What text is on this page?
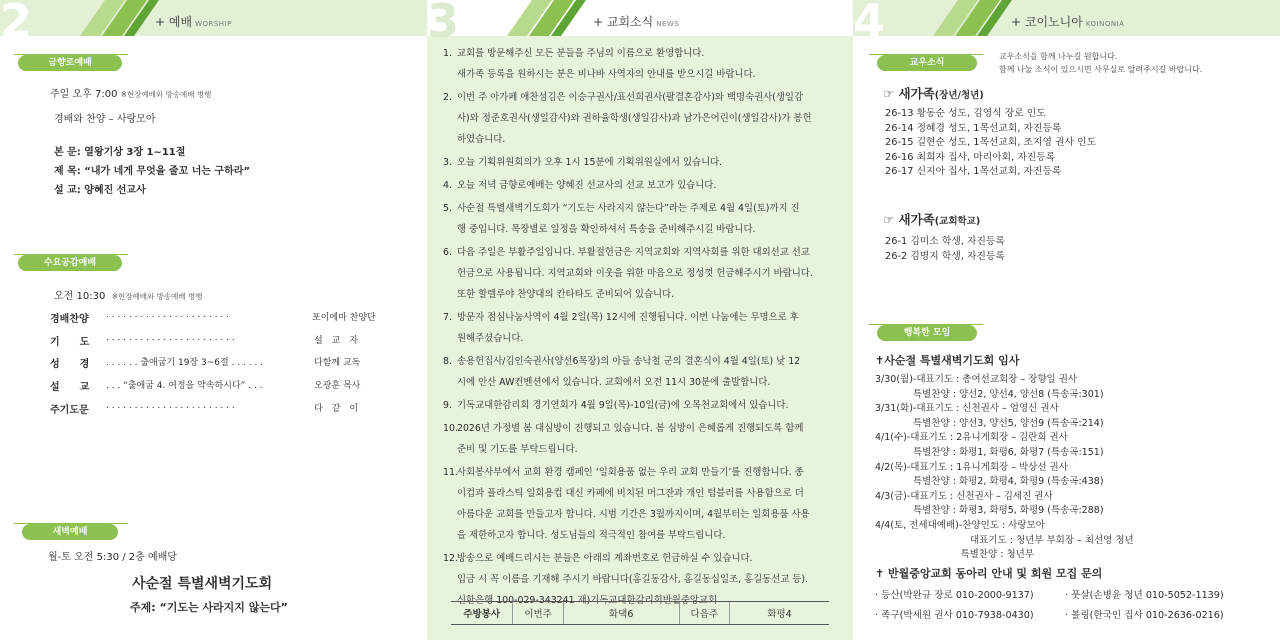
2	+ 예배 WORSHIP
금향로예배
주일 오후 7:00 ※현장예배와 방송예배 병행
경배와 찬양 – 사랑모아
본 문: 열왕기상 3장 1~11절
제 목: “내가 네게 무엇을 줄꼬 너는 구하라”
설 교: 양혜진 선교사
수요공감예배
오전 10:30 ※현장예배와 방송예배 병행
경배찬양 . . . . . . . . . . . . . . . . . . . . . .	포이에마 찬양단
기　　도 . . . . . . . . . . . . . . . . . . . . . . .	설　교　자
성　　경 . . . . . . 출애굽기 19장 3~6절 . . . . . .	다함께 교독
설　　교 . . . “출애굽 4. 여정을 약속하시다” . . .	오광훈 목사
주기도문 . . . . . . . . . . . . . . . . . . . . . . .	다　같　이
새벽예배
월-토 오전 5:30 / 2층 예배당
사순절 특별새벽기도회
주제: “기도는 사라지지 않는다”
3	+ 교회소식 NEWS
1. 교회를 방문해주신 모든 분들을 주님의 이름으로 환영합니다.
새가족 등록을 원하시는 분은 비나바 사역자의 안내를 받으시길 바랍니다.
2. 이번 주 아가페 애찬섬김은 이승구권사/표선희권사(팔결혼감사)와 백명숙권사(생일감
사)와 정준호권사(생일감사)와 권하율학생(생일감사)과 남가은어린이(생일감사)가 봉헌
하였습니다.
3. 오늘 기획위원회의가 오후 1시 15분에 기획위원실에서 있습니다.
4. 오늘 저녁 금향로예배는 양혜진 선교사의 선교 보고가 있습니다.
5. 사순절 특별새벽기도회가 “기도는 사라지지 않는다”라는 주제로 4월 4일(토)까지 진
행 중입니다. 목장별로 일정을 확인하셔서 특송을 준비해주시길 바랍니다.
6. 다음 주일은 부활주일입니다. 부활절헌금은 지역교회와 지역사회를 위한 대외선교 선교
헌금으로 사용됩니다. 지역교회와 이웃을 위한 마음으로 정성껏 헌금해주시기 바랍니다.
또한 할렐루야 찬양대의 칸타타도 준비되어 있습니다.
7. 방문자 점심나눔사역이 4월 2일(목) 12시에 진행됩니다. 이번 나눔에는 무명으로 후
원해주셨습니다.
8. 송용헌집사/김인숙권사(양선6목장)의 아들 송낙철 군의 결혼식이 4월 4일(토) 낮 12
시에 안산 AW컨벤션에서 있습니다. 교회에서 오전 11시 30분에 출발합니다.
9. 기독교대한감리회 경기연회가 4월 9일(목)-10일(금)에 오목천교회에서 있습니다.
10.2026년 가정별 봄 대심방이 진행되고 있습니다. 봄 심방이 은혜롭게 진행되도록 함께
준비 및 기도를 부탁드립니다.
11.사회봉사부에서 교회 환경 캠페인 ‘일회용품 없는 우리 교회 만들기’를 진행합니다. 종
이컵과 플라스틱 일회용컵 대신 카페에 비치된 머그잔과 개인 텀블러를 사용함으로 더
아름다운 교회를 만들고자 합니다. 시범 기간은 3월까지이며, 4월부터는 일회용품 사용
을 제한하고자 합니다. 성도님들의 적극적인 참여를 부탁드립니다.
12.방송으로 예배드리시는 분들은 아래의 계좌번호로 헌금하실 수 있습니다.
입금 시 꼭 이름을 기재해 주시기 바랍니다(홍길동감사, 홍길동십일조, 홍길동선교 등).
신한은행 100-029-343241 재)기독교대한감리회반월중앙교회
주방봉사	이번주	화댁6	다음주	화평4
4	+ 코이노니아 KOINONIA
교우소식
교우소식을 함께 나누길 원합니다.
함께 나눌 소식이 있으시면 사무실로 알려주시길 바랍니다.
☞ 새가족(장년/청년)
26-13 황동순 성도, 김영식 장로 인도
26-14 정혜경 성도, 1목선교회, 자진등록
26-15 길현순 성도, 1목선교회, 조지영 권사 인도
26-16 최희자 집사, 마리아회, 자진등록
26-17 신지아 집사, 1목선교회, 자진등록
☞ 새가족(교회학교)
26-1 김미소 학생, 자진등록
26-2 김명지 학생, 자진등록
행복한 모임
✝사순절 특별새벽기도회 임사
3/30(월)-대표기도 : 총여선교회장 – 장향일 권사
　　　　특별찬양 : 양선2, 양선4, 양선8 (특송곡:301)
3/31(화)-대표기도 : 신천권사 – 엄영신 권사
　　　　특별찬양 : 양선3, 양선5, 양선9 (특송곡:214)
4/1(수)-대표기도 : 2유니게회장 – 김란희 권사
　　　　특별찬양 : 화평1, 화평6, 화평7 (특송곡:151)
4/2(목)-대표기도 : 1유니게회장 – 박상선 권사
　　　　특별찬양 : 화평2, 화평4, 화평9 (특송곡:438)
4/3(금)-대표기도 : 신천권사 – 김세진 권사
　　　　특별찬양 : 화평3, 화평5, 화평9 (특송곡:288)
4/4(토, 전세대예배)-찬양인도 : 사랑모아
　　　　　　　　　　대표기도 : 청년부 부회장 – 최선영 청년
　　　　　　　　　특별찬양 : 청년부
✝ 반월중앙교회 동아리 안내 및 회원 모집 문의
· 등산(박완규 장로 010-2000-9137)	· 풋살(손병윤 청년 010-5052-1139)
· 족구(박세원 권사 010-7938-0430)	· 볼링(한국인 집사 010-2636-0216)
